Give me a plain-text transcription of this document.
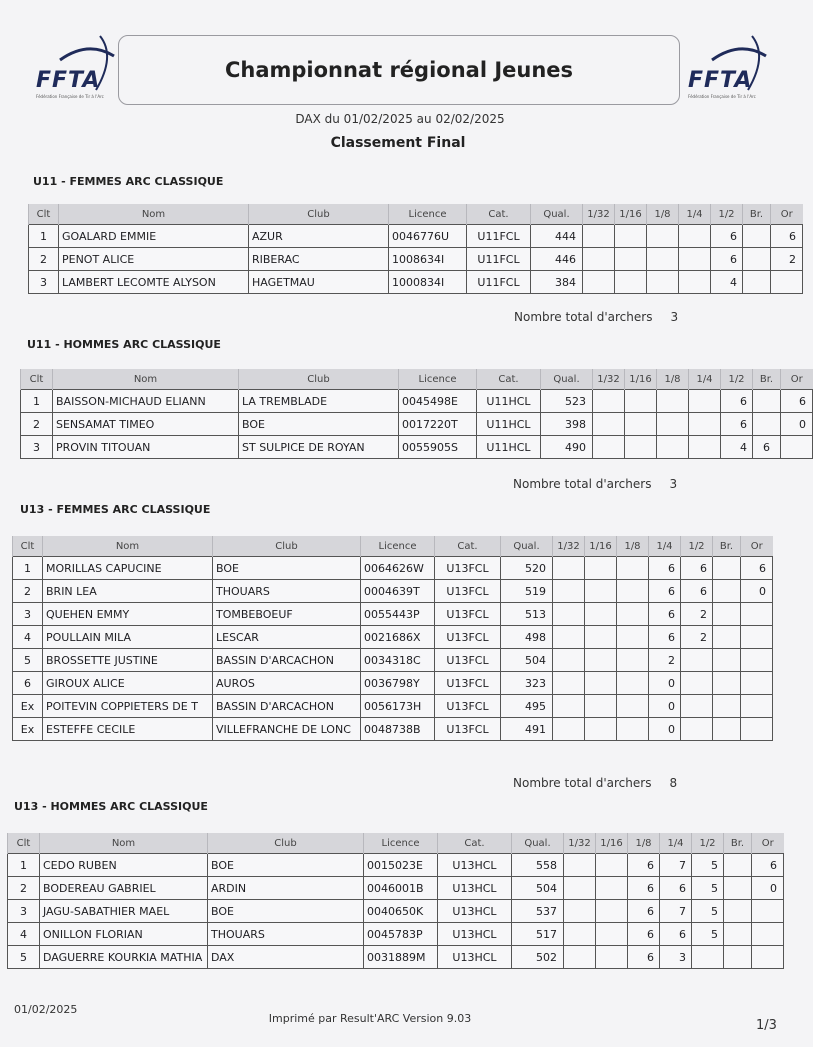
FFTA
Fédération Française de Tir à l'Arc
FFTA
Fédération Française de Tir à l'Arc
Championnat régional Jeunes
DAX du 01/02/2025 au 02/02/2025
Classement Final
U11 - FEMMES ARC CLASSIQUE
Clt	Nom	Club	Licence	Cat.	Qual.	1/32	1/16	1/8	1/4	1/2	Br.	Or
1	GOALARD EMMIE	AZUR	0046776U	U11FCL	444					6		6
2	PENOT ALICE	RIBERAC	1008634I	U11FCL	446					6		2
3	LAMBERT LECOMTE ALYSON	HAGETMAU	1000834I	U11FCL	384					4		
Nombre total d'archers 3
U11 - HOMMES ARC CLASSIQUE
Clt	Nom	Club	Licence	Cat.	Qual.	1/32	1/16	1/8	1/4	1/2	Br.	Or
1	BAISSON-MICHAUD ELIANN	LA TREMBLADE	0045498E	U11HCL	523					6		6
2	SENSAMAT TIMEO	BOE	0017220T	U11HCL	398					6		0
3	PROVIN TITOUAN	ST SULPICE DE ROYAN	0055905S	U11HCL	490					4	6	
Nombre total d'archers 3
U13 - FEMMES ARC CLASSIQUE
Clt	Nom	Club	Licence	Cat.	Qual.	1/32	1/16	1/8	1/4	1/2	Br.	Or
1	MORILLAS CAPUCINE	BOE	0064626W	U13FCL	520				6	6		6
2	BRIN LEA	THOUARS	0004639T	U13FCL	519				6	6		0
3	QUEHEN EMMY	TOMBEBOEUF	0055443P	U13FCL	513				6	2		
4	POULLAIN MILA	LESCAR	0021686X	U13FCL	498				6	2		
5	BROSSETTE JUSTINE	BASSIN D'ARCACHON	0034318C	U13FCL	504				2			
6	GIROUX ALICE	AUROS	0036798Y	U13FCL	323				0			
Ex	POITEVIN COPPIETERS DE T	BASSIN D'ARCACHON	0056173H	U13FCL	495				0			
Ex	ESTEFFE CECILE	VILLEFRANCHE DE LONC	0048738B	U13FCL	491				0			
Nombre total d'archers 8
U13 - HOMMES ARC CLASSIQUE
Clt	Nom	Club	Licence	Cat.	Qual.	1/32	1/16	1/8	1/4	1/2	Br.	Or
1	CEDO RUBEN	BOE	0015023E	U13HCL	558			6	7	5		6
2	BODEREAU GABRIEL	ARDIN	0046001B	U13HCL	504			6	6	5		0
3	JAGU-SABATHIER MAEL	BOE	0040650K	U13HCL	537			6	7	5		
4	ONILLON FLORIAN	THOUARS	0045783P	U13HCL	517			6	6	5		
5	DAGUERRE KOURKIA MATHIA	DAX	0031889M	U13HCL	502			6	3			
01/02/2025
Imprimé par Result'ARC Version 9.03	1/3
